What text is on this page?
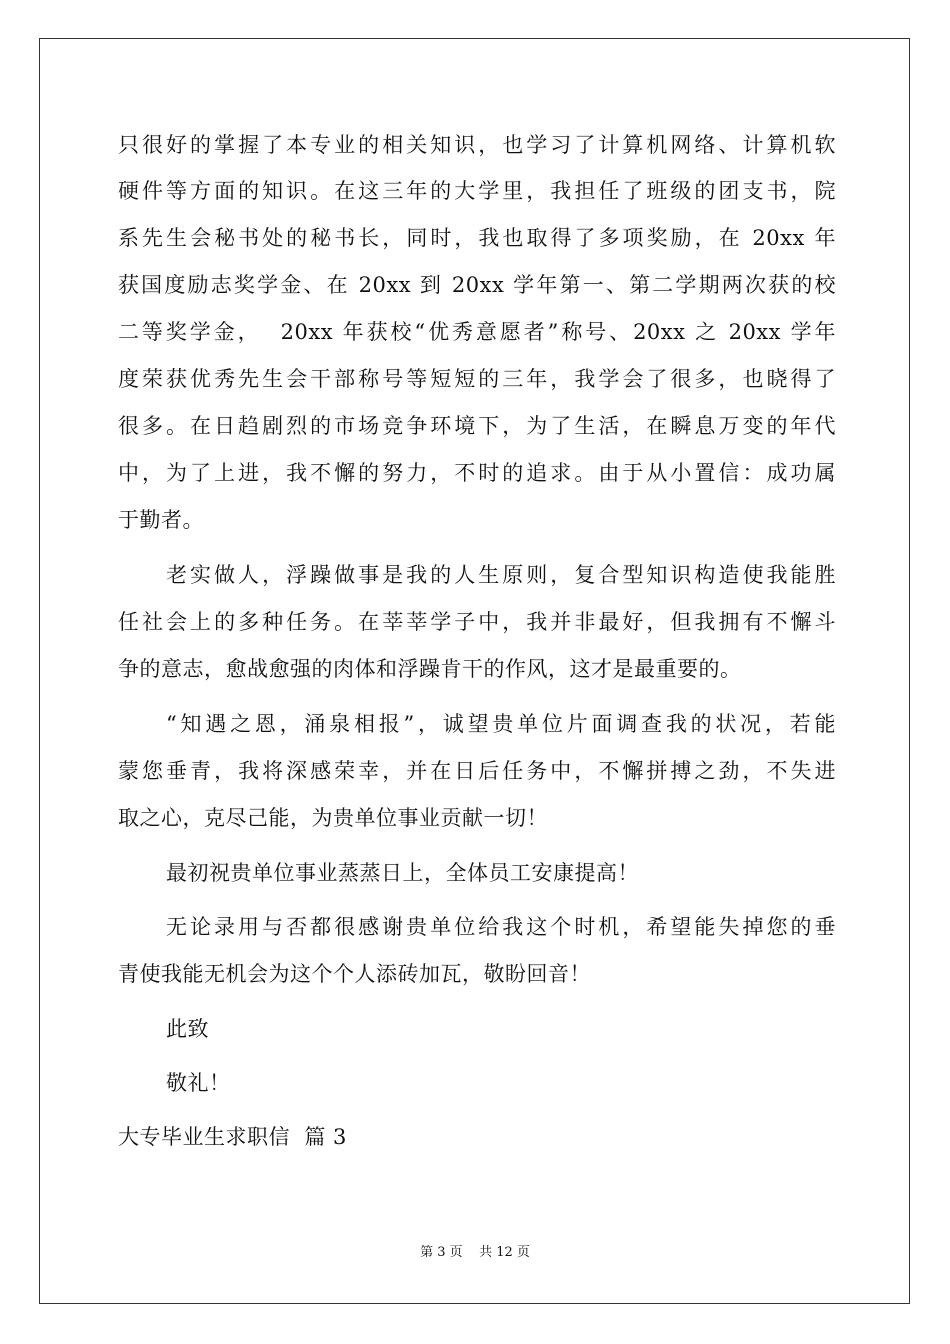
只很好的掌握了本专业的相关知识，也学习了计算机网络、计算机软
硬件等方面的知识。在这三年的大学里，我担任了班级的团支书，院
系先生会秘书处的秘书长，同时，我也取得了多项奖励，在 20xx 年
获国度励志奖学金、在 20xx 到 20xx 学年第一、第二学期两次获的校
二等奖学金，  20xx 年获校“优秀意愿者”称号、20xx 之 20xx 学年
度荣获优秀先生会干部称号等短短的三年，我学会了很多，也晓得了
很多。在日趋剧烈的市场竞争环境下，为了生活，在瞬息万变的年代
中，为了上进，我不懈的努力，不时的追求。由于从小置信：成功属
于勤者。
老实做人，浮躁做事是我的人生原则，复合型知识构造使我能胜
任社会上的多种任务。在莘莘学子中，我并非最好，但我拥有不懈斗
争的意志，愈战愈强的肉体和浮躁肯干的作风，这才是最重要的。
“知遇之恩，涌泉相报”，诚望贵单位片面调查我的状况，若能
蒙您垂青，我将深感荣幸，并在日后任务中，不懈拼搏之劲，不失进
取之心，克尽己能，为贵单位事业贡献一切！
最初祝贵单位事业蒸蒸日上，全体员工安康提高！
无论录用与否都很感谢贵单位给我这个时机，希望能失掉您的垂
青使我能无机会为这个个人添砖加瓦，敬盼回音！
此致
敬礼！
大专毕业生求职信  篇 3
第 3 页    共 12 页
